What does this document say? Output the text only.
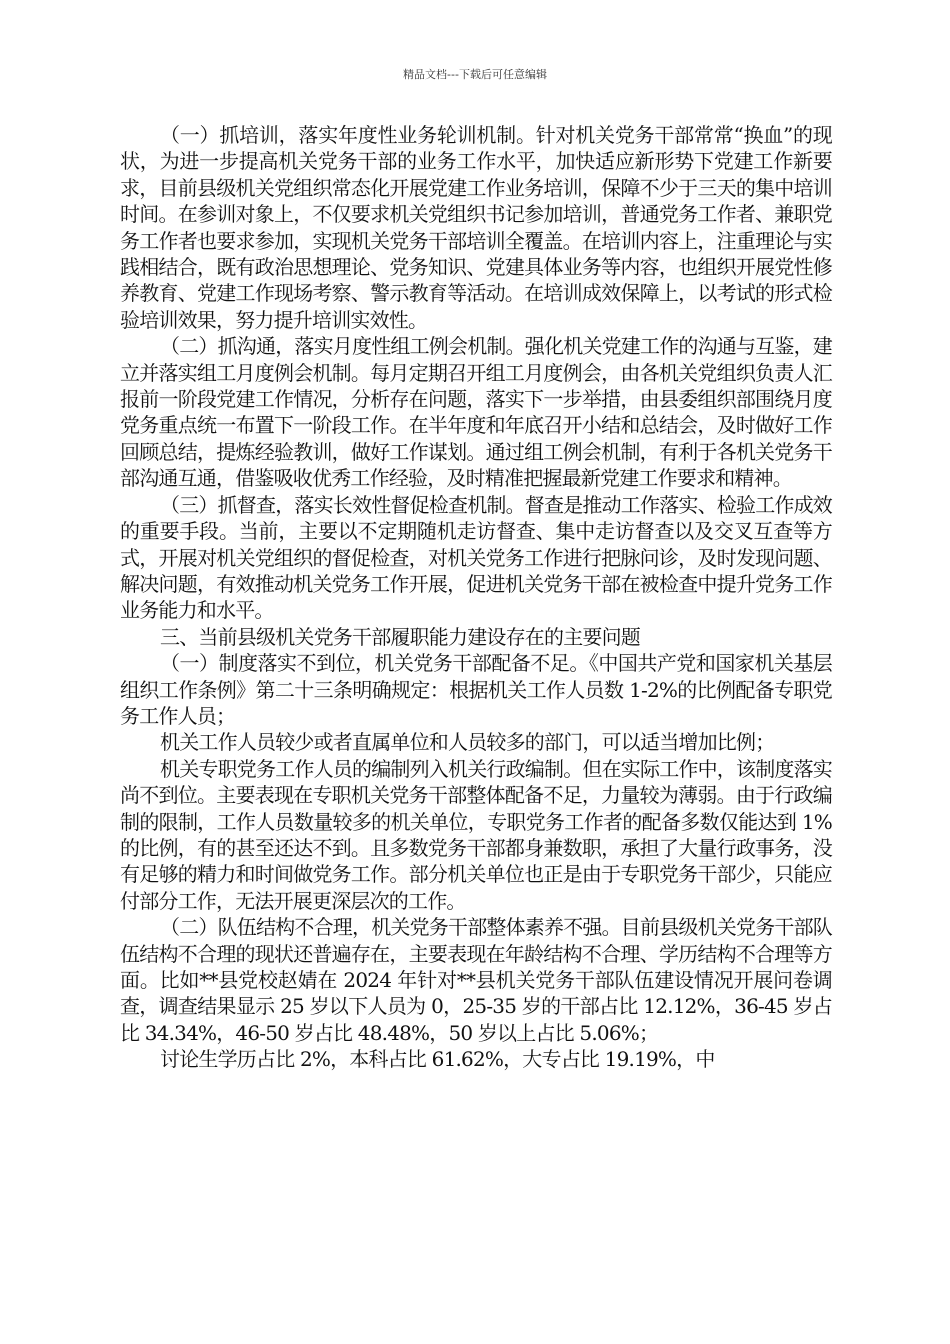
精品文档---下载后可任意编辑

（一）抓培训，落实年度性业务轮训机制。针对机关党务干部常常“换血”的现状，为进一步提高机关党务干部的业务工作水平，加快适应新形势下党建工作新要求，目前县级机关党组织常态化开展党建工作业务培训，保障不少于三天的集中培训时间。在参训对象上，不仅要求机关党组织书记参加培训，普通党务工作者、兼职党务工作者也要求参加，实现机关党务干部培训全覆盖。在培训内容上，注重理论与实践相结合，既有政治思想理论、党务知识、党建具体业务等内容，也组织开展党性修养教育、党建工作现场考察、警示教育等活动。在培训成效保障上，以考试的形式检验培训效果，努力提升培训实效性。

（二）抓沟通，落实月度性组工例会机制。强化机关党建工作的沟通与互鉴，建立并落实组工月度例会机制。每月定期召开组工月度例会，由各机关党组织负责人汇报前一阶段党建工作情况，分析存在问题，落实下一步举措，由县委组织部围绕月度党务重点统一布置下一阶段工作。在半年度和年底召开小结和总结会，及时做好工作回顾总结，提炼经验教训，做好工作谋划。通过组工例会机制，有利于各机关党务干部沟通互通，借鉴吸收优秀工作经验，及时精准把握最新党建工作要求和精神。

（三）抓督查，落实长效性督促检查机制。督查是推动工作落实、检验工作成效的重要手段。当前，主要以不定期随机走访督查、集中走访督查以及交叉互查等方式，开展对机关党组织的督促检查，对机关党务工作进行把脉问诊，及时发现问题、解决问题，有效推动机关党务工作开展，促进机关党务干部在被检查中提升党务工作业务能力和水平。

三、当前县级机关党务干部履职能力建设存在的主要问题

（一）制度落实不到位，机关党务干部配备不足。《中国共产党和国家机关基层组织工作条例》第二十三条明确规定：根据机关工作人员数 1-2%的比例配备专职党务工作人员；

机关工作人员较少或者直属单位和人员较多的部门，可以适当增加比例；

机关专职党务工作人员的编制列入机关行政编制。但在实际工作中，该制度落实尚不到位。主要表现在专职机关党务干部整体配备不足，力量较为薄弱。由于行政编制的限制，工作人员数量较多的机关单位，专职党务工作者的配备多数仅能达到 1%的比例，有的甚至还达不到。且多数党务干部都身兼数职，承担了大量行政事务，没有足够的精力和时间做党务工作。部分机关单位也正是由于专职党务干部少，只能应付部分工作，无法开展更深层次的工作。

（二）队伍结构不合理，机关党务干部整体素养不强。目前县级机关党务干部队伍结构不合理的现状还普遍存在，主要表现在年龄结构不合理、学历结构不合理等方面。比如**县党校赵婧在 2024 年针对**县机关党务干部队伍建设情况开展问卷调查，调查结果显示 25 岁以下人员为 0，25-35 岁的干部占比 12.12%，36-45 岁占比 34.34%，46-50 岁占比 48.48%，50 岁以上占比 5.06%；

讨论生学历占比 2%，本科占比 61.62%，大专占比 19.19%，中
